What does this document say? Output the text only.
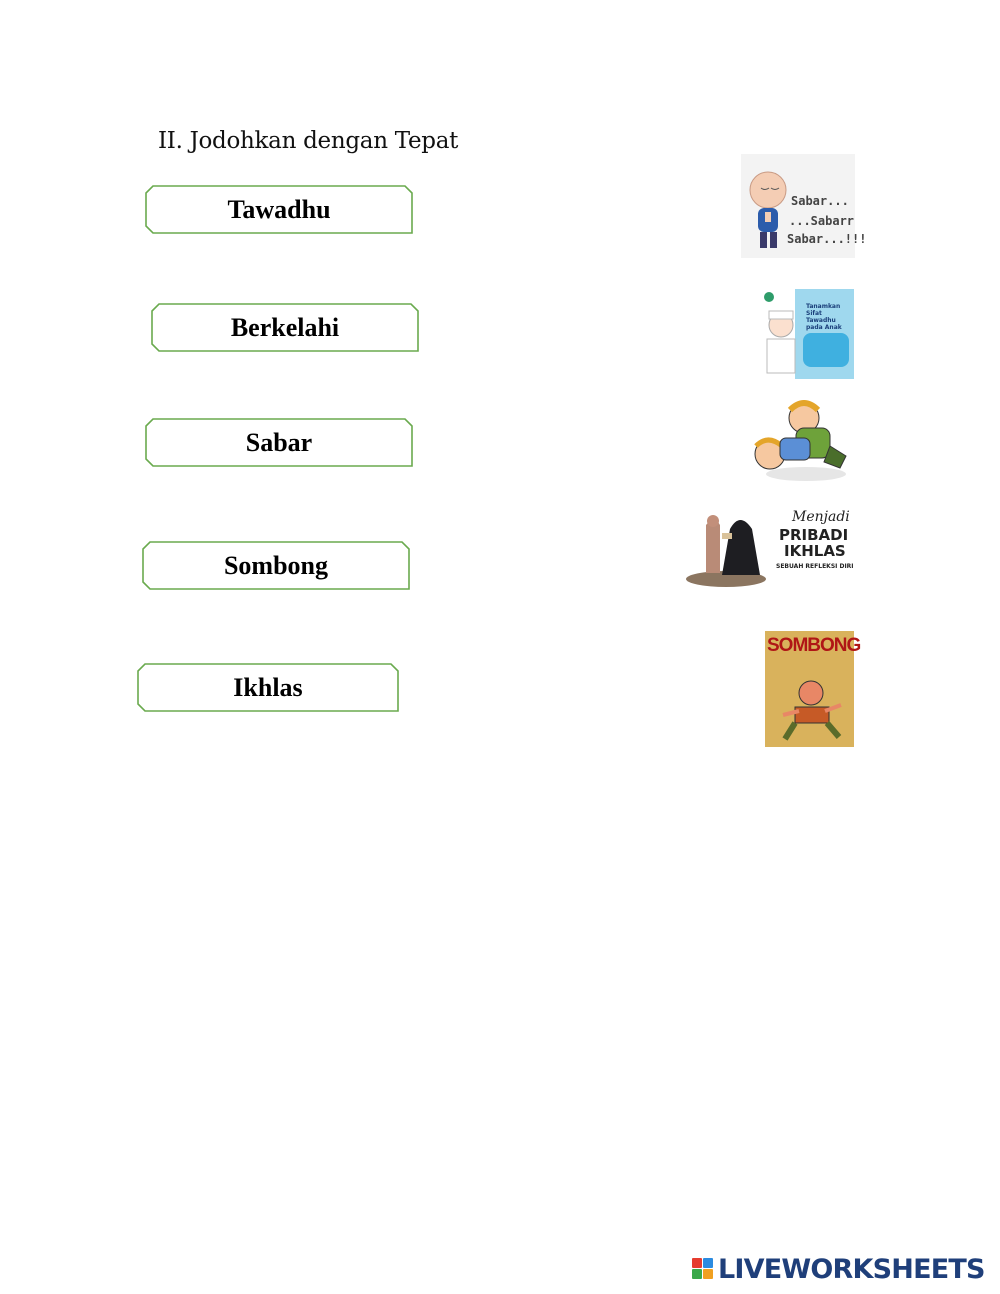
II. Jodohkan dengan Tepat
Tawadhu
Berkelahi
Sabar
Sombong
Ikhlas
Sabar...
...Sabarr
Sabar...!!!
Tanamkan Sifat Tawadhu pada Anak
Menjadi
PRIBADI
IKHLAS
SEBUAH REFLEKSI DIRI
SOMBONG
LIVEWORKSHEETS
